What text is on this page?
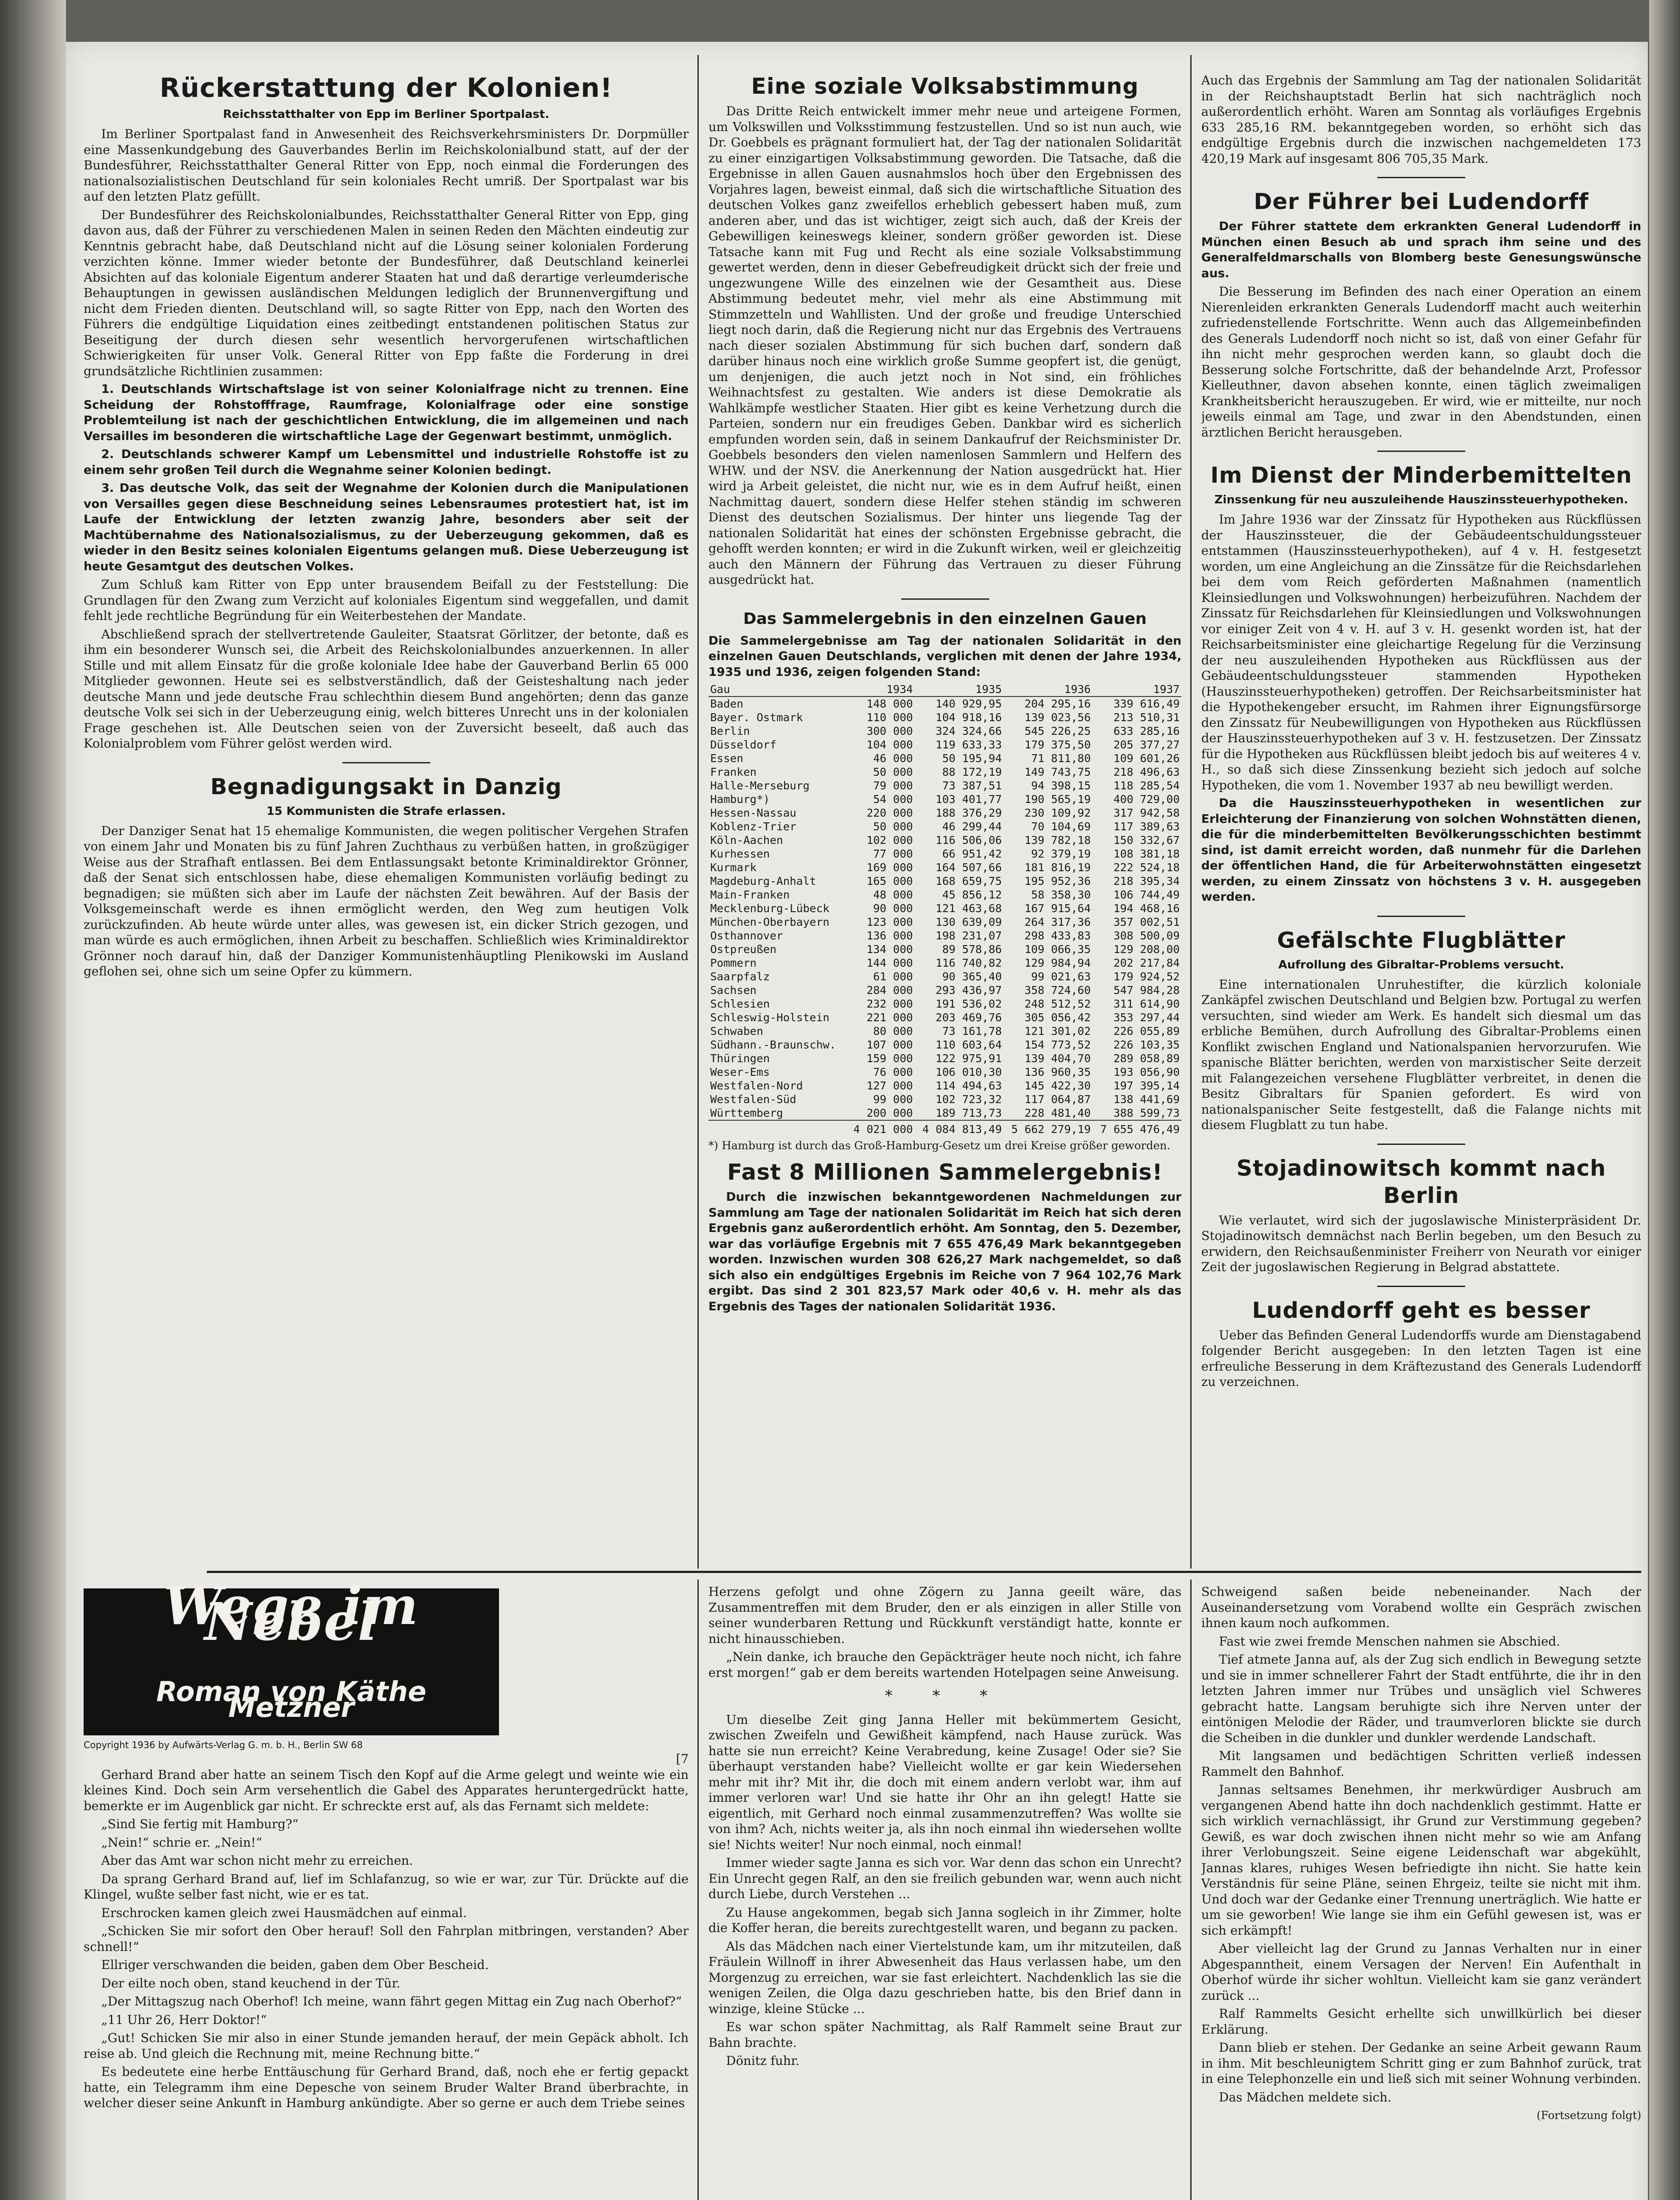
Rückerstattung der Kolonien!
Reichsstatthalter von Epp im Berliner Sportpalast.

Im Berliner Sportpalast fand in Anwesenheit des Reichsverkehrsministers Dr. Dorpmüller eine Massenkundgebung des Gauverbandes Berlin im Reichskolonialbund statt, auf der der Bundesführer, Reichsstatthalter General Ritter von Epp, noch einmal die Forderungen des nationalsozialistischen Deutschland für sein koloniales Recht umriß. Der Sportpalast war bis auf den letzten Platz gefüllt.

Der Bundesführer des Reichskolonialbundes, Reichsstatthalter General Ritter von Epp, ging davon aus, daß der Führer zu verschiedenen Malen in seinen Reden den Mächten eindeutig zur Kenntnis gebracht habe, daß Deutschland nicht auf die Lösung seiner kolonialen Forderung verzichten könne. Immer wieder betonte der Bundesführer, daß Deutschland keinerlei Absichten auf das koloniale Eigentum anderer Staaten hat und daß derartige verleumderische Behauptungen in gewissen ausländischen Meldungen lediglich der Brunnenvergiftung und nicht dem Frieden dienten. Deutschland will, so sagte Ritter von Epp, nach den Worten des Führers die endgültige Liquidation eines zeitbedingt entstandenen politischen Status zur Beseitigung der durch diesen sehr wesentlich hervorgerufenen wirtschaftlichen Schwierigkeiten für unser Volk. General Ritter von Epp faßte die Forderung in drei grundsätzliche Richtlinien zusammen:

1. Deutschlands Wirtschaftslage ist von seiner Kolonialfrage nicht zu trennen. Eine Scheidung der Rohstofffrage, Raumfrage, Kolonialfrage oder eine sonstige Problemteilung ist nach der geschichtlichen Entwicklung, die im allgemeinen und nach Versailles im besonderen die wirtschaftliche Lage der Gegenwart bestimmt, unmöglich.

2. Deutschlands schwerer Kampf um Lebensmittel und industrielle Rohstoffe ist zu einem sehr großen Teil durch die Wegnahme seiner Kolonien bedingt.

3. Das deutsche Volk, das seit der Wegnahme der Kolonien durch die Manipulationen von Versailles gegen diese Beschneidung seines Lebensraumes protestiert hat, ist im Laufe der Entwicklung der letzten zwanzig Jahre, besonders aber seit der Machtübernahme des Nationalsozialismus, zu der Ueberzeugung gekommen, daß es wieder in den Besitz seines kolonialen Eigentums gelangen muß. Diese Ueberzeugung ist heute Gesamtgut des deutschen Volkes.

Zum Schluß kam Ritter von Epp unter brausendem Beifall zu der Feststellung: Die Grundlagen für den Zwang zum Verzicht auf koloniales Eigentum sind weggefallen, und damit fehlt jede rechtliche Begründung für ein Weiterbestehen der Mandate.

Abschließend sprach der stellvertretende Gauleiter, Staatsrat Görlitzer, der betonte, daß es ihm ein besonderer Wunsch sei, die Arbeit des Reichskolonialbundes anzuerkennen. In aller Stille und mit allem Einsatz für die große koloniale Idee habe der Gauverband Berlin 65 000 Mitglieder gewonnen. Heute sei es selbstverständlich, daß der Geisteshaltung nach jeder deutsche Mann und jede deutsche Frau schlechthin diesem Bund angehörten; denn das ganze deutsche Volk sei sich in der Ueberzeugung einig, welch bitteres Unrecht uns in der kolonialen Frage geschehen ist. Alle Deutschen seien von der Zuversicht beseelt, daß auch das Kolonialproblem vom Führer gelöst werden wird.

Begnadigungsakt in Danzig
15 Kommunisten die Strafe erlassen.

Der Danziger Senat hat 15 ehemalige Kommunisten, die wegen politischer Vergehen Strafen von einem Jahr und Monaten bis zu fünf Jahren Zuchthaus zu verbüßen hatten, in großzügiger Weise aus der Strafhaft entlassen. Bei dem Entlassungsakt betonte Kriminaldirektor Grönner, daß der Senat sich entschlossen habe, diese ehemaligen Kommunisten vorläufig bedingt zu begnadigen; sie müßten sich aber im Laufe der nächsten Zeit bewähren. Auf der Basis der Volksgemeinschaft werde es ihnen ermöglicht werden, den Weg zum heutigen Volk zurückzufinden. Ab heute würde unter alles, was gewesen ist, ein dicker Strich gezogen, und man würde es auch ermöglichen, ihnen Arbeit zu beschaffen. Schließlich wies Kriminaldirektor Grönner noch darauf hin, daß der Danziger Kommunistenhäuptling Plenikowski im Ausland geflohen sei, ohne sich um seine Opfer zu kümmern.

Eine soziale Volksabstimmung

Das Dritte Reich entwickelt immer mehr neue und arteigene Formen, um Volkswillen und Volksstimmung festzustellen. Und so ist nun auch, wie Dr. Goebbels es prägnant formuliert hat, der Tag der nationalen Solidarität zu einer einzigartigen Volksabstimmung geworden. Die Tatsache, daß die Ergebnisse in allen Gauen ausnahmslos hoch über den Ergebnissen des Vorjahres lagen, beweist einmal, daß sich die wirtschaftliche Situation des deutschen Volkes ganz zweifellos erheblich gebessert haben muß, zum anderen aber, und das ist wichtiger, zeigt sich auch, daß der Kreis der Gebewilligen keineswegs kleiner, sondern größer geworden ist. Diese Tatsache kann mit Fug und Recht als eine soziale Volksabstimmung gewertet werden, denn in dieser Gebefreudigkeit drückt sich der freie und ungezwungene Wille des einzelnen wie der Gesamtheit aus. Diese Abstimmung bedeutet mehr, viel mehr als eine Abstimmung mit Stimmzetteln und Wahllisten. Und der große und freudige Unterschied liegt noch darin, daß die Regierung nicht nur das Ergebnis des Vertrauens nach dieser sozialen Abstimmung für sich buchen darf, sondern daß darüber hinaus noch eine wirklich große Summe geopfert ist, die genügt, um denjenigen, die auch jetzt noch in Not sind, ein fröhliches Weihnachtsfest zu gestalten. Wie anders ist diese Demokratie als Wahlkämpfe westlicher Staaten. Hier gibt es keine Verhetzung durch die Parteien, sondern nur ein freudiges Geben. Dankbar wird es sicherlich empfunden worden sein, daß in seinem Dankaufruf der Reichsminister Dr. Goebbels besonders den vielen namenlosen Sammlern und Helfern des WHW. und der NSV. die Anerkennung der Nation ausgedrückt hat. Hier wird ja Arbeit geleistet, die nicht nur, wie es in dem Aufruf heißt, einen Nachmittag dauert, sondern diese Helfer stehen ständig im schweren Dienst des deutschen Sozialismus. Der hinter uns liegende Tag der nationalen Solidarität hat eines der schönsten Ergebnisse gebracht, die gehofft werden konnten; er wird in die Zukunft wirken, weil er gleichzeitig auch den Männern der Führung das Vertrauen zu dieser Führung ausgedrückt hat.

Das Sammelergebnis in den einzelnen Gauen

Die Sammelergebnisse am Tag der nationalen Solidarität in den einzelnen Gauen Deutschlands, verglichen mit denen der Jahre 1934, 1935 und 1936, zeigen folgenden Stand:

Gau	1934	1935	1936	1937
Baden	148 000	140 929,95	204 295,16	339 616,49
Bayer. Ostmark	110 000	104 918,16	139 023,56	213 510,31
Berlin	300 000	324 324,66	545 226,25	633 285,16
Düsseldorf	104 000	119 633,33	179 375,50	205 377,27
Essen	46 000	50 195,94	71 811,80	109 601,26
Franken	50 000	88 172,19	149 743,75	218 496,63
Halle-Merseburg	79 000	73 387,51	94 398,15	118 285,54
Hamburg*)	54 000	103 401,77	190 565,19	400 729,00
Hessen-Nassau	220 000	188 376,29	230 109,92	317 942,58
Koblenz-Trier	50 000	46 299,44	70 104,69	117 389,63
Köln-Aachen	102 000	116 506,06	139 782,18	150 332,67
Kurhessen	77 000	66 951,42	92 379,19	108 381,18
Kurmark	169 000	164 507,66	181 816,19	222 524,18
Magdeburg-Anhalt	165 000	168 659,75	195 952,36	218 395,34
Main-Franken	48 000	45 856,12	58 358,30	106 744,49
Mecklenburg-Lübeck	90 000	121 463,68	167 915,64	194 468,16
München-Oberbayern	123 000	130 639,09	264 317,36	357 002,51
Osthannover	136 000	198 231,07	298 433,83	308 500,09
Ostpreußen	134 000	89 578,86	109 066,35	129 208,00
Pommern	144 000	116 740,82	129 984,94	202 217,84
Saarpfalz	61 000	90 365,40	99 021,63	179 924,52
Sachsen	284 000	293 436,97	358 724,60	547 984,28
Schlesien	232 000	191 536,02	248 512,52	311 614,90
Schleswig-Holstein	221 000	203 469,76	305 056,42	353 297,44
Schwaben	80 000	73 161,78	121 301,02	226 055,89
Südhann.-Braunschw.	107 000	110 603,64	154 773,52	226 103,35
Thüringen	159 000	122 975,91	139 404,70	289 058,89
Weser-Ems	76 000	106 010,30	136 960,35	193 056,90
Westfalen-Nord	127 000	114 494,63	145 422,30	197 395,14
Westfalen-Süd	99 000	102 723,32	117 064,87	138 441,69
Württemberg	200 000	189 713,73	228 481,40	388 599,73
	4 021 000	4 084 813,49	5 662 279,19	7 655 476,49
*) Hamburg ist durch das Groß-Hamburg-Gesetz um drei Kreise größer geworden.
Fast 8 Millionen Sammelergebnis!

Durch die inzwischen bekanntgewordenen Nachmeldungen zur Sammlung am Tage der nationalen Solidarität im Reich hat sich deren Ergebnis ganz außerordentlich erhöht. Am Sonntag, den 5. Dezember, war das vorläufige Ergebnis mit 7 655 476,49 Mark bekanntgegeben worden. Inzwischen wurden 308 626,27 Mark nachgemeldet, so daß sich also ein endgültiges Ergebnis im Reiche von 7 964 102,76 Mark ergibt. Das sind 2 301 823,57 Mark oder 40,6 v. H. mehr als das Ergebnis des Tages der nationalen Solidarität 1936.

Auch das Ergebnis der Sammlung am Tag der nationalen Solidarität in der Reichshauptstadt Berlin hat sich nachträglich noch außerordentlich erhöht. Waren am Sonntag als vorläufiges Ergebnis 633 285,16 RM. bekanntgegeben worden, so erhöht sich das endgültige Ergebnis durch die inzwischen nachgemeldeten 173 420,19 Mark auf insgesamt 806 705,35 Mark.

Der Führer bei Ludendorff

Der Führer stattete dem erkrankten General Ludendorff in München einen Besuch ab und sprach ihm seine und des Generalfeldmarschalls von Blomberg beste Genesungswünsche aus.

Die Besserung im Befinden des nach einer Operation an einem Nierenleiden erkrankten Generals Ludendorff macht auch weiterhin zufriedenstellende Fortschritte. Wenn auch das Allgemeinbefinden des Generals Ludendorff noch nicht so ist, daß von einer Gefahr für ihn nicht mehr gesprochen werden kann, so glaubt doch die Besserung solche Fortschritte, daß der behandelnde Arzt, Professor Kielleuthner, davon absehen konnte, einen täglich zweimaligen Krankheitsbericht herauszugeben. Er wird, wie er mitteilte, nur noch jeweils einmal am Tage, und zwar in den Abendstunden, einen ärztlichen Bericht herausgeben.

Im Dienst der Minderbemittelten
Zinssenkung für neu auszuleihende Hauszinssteuerhypotheken.

Im Jahre 1936 war der Zinssatz für Hypotheken aus Rückflüssen der Hauszinssteuer, die der Gebäudeentschuldungssteuer entstammen (Hauszinssteuerhypotheken), auf 4 v. H. festgesetzt worden, um eine Angleichung an die Zinssätze für die Reichsdarlehen bei dem vom Reich geförderten Maßnahmen (namentlich Kleinsiedlungen und Volkswohnungen) herbeizuführen. Nachdem der Zinssatz für Reichsdarlehen für Kleinsiedlungen und Volkswohnungen vor einiger Zeit von 4 v. H. auf 3 v. H. gesenkt worden ist, hat der Reichsarbeitsminister eine gleichartige Regelung für die Verzinsung der neu auszuleihenden Hypotheken aus Rückflüssen aus der Gebäudeentschuldungssteuer stammenden Hypotheken (Hauszinssteuerhypotheken) getroffen. Der Reichsarbeitsminister hat die Hypothekengeber ersucht, im Rahmen ihrer Eignungsfürsorge den Zinssatz für Neubewilligungen von Hypotheken aus Rückflüssen der Hauszinssteuerhypotheken auf 3 v. H. festzusetzen. Der Zinssatz für die Hypotheken aus Rückflüssen bleibt jedoch bis auf weiteres 4 v. H., so daß sich diese Zinssenkung bezieht sich jedoch auf solche Hypotheken, die vom 1. November 1937 ab neu bewilligt werden.

Da die Hauszinssteuerhypotheken in wesentlichen zur Erleichterung der Finanzierung von solchen Wohnstätten dienen, die für die minderbemittelten Bevölkerungsschichten bestimmt sind, ist damit erreicht worden, daß nunmehr für die Darlehen der öffentlichen Hand, die für Arbeiterwohnstätten eingesetzt werden, zu einem Zinssatz von höchstens 3 v. H. ausgegeben werden.

Gefälschte Flugblätter
Aufrollung des Gibraltar-Problems versucht.

Eine internationalen Unruhestifter, die kürzlich koloniale Zankäpfel zwischen Deutschland und Belgien bzw. Portugal zu werfen versuchten, sind wieder am Werk. Es handelt sich diesmal um das erbliche Bemühen, durch Aufrollung des Gibraltar-Problems einen Konflikt zwischen England und Nationalspanien hervorzurufen. Wie spanische Blätter berichten, werden von marxistischer Seite derzeit mit Falangezeichen versehene Flugblätter verbreitet, in denen die Besitz Gibraltars für Spanien gefordert. Es wird von nationalspanischer Seite festgestellt, daß die Falange nichts mit diesem Flugblatt zu tun habe.

Stojadinowitsch kommt nach Berlin

Wie verlautet, wird sich der jugoslawische Ministerpräsident Dr. Stojadinowitsch demnächst nach Berlin begeben, um den Besuch zu erwidern, den Reichsaußenminister Freiherr von Neurath vor einiger Zeit der jugoslawischen Regierung in Belgrad abstattete.

Ludendorff geht es besser

Ueber das Befinden General Ludendorffs wurde am Dienstagabend folgender Bericht ausgegeben: In den letzten Tagen ist eine erfreuliche Besserung in dem Kräftezustand des Generals Ludendorff zu verzeichnen.

Wege im Nebel
Roman von Käthe Metzner
Copyright 1936 by Aufwärts-Verlag G. m. b. H., Berlin SW 68
[7

Gerhard Brand aber hatte an seinem Tisch den Kopf auf die Arme gelegt und weinte wie ein kleines Kind. Doch sein Arm versehentlich die Gabel des Apparates heruntergedrückt hatte, bemerkte er im Augenblick gar nicht. Er schreckte erst auf, als das Fernamt sich meldete:

„Sind Sie fertig mit Hamburg?“

„Nein!“ schrie er. „Nein!“

Aber das Amt war schon nicht mehr zu erreichen.

Da sprang Gerhard Brand auf, lief im Schlafanzug, so wie er war, zur Tür. Drückte auf die Klingel, wußte selber fast nicht, wie er es tat.

Erschrocken kamen gleich zwei Hausmädchen auf einmal.

„Schicken Sie mir sofort den Ober herauf! Soll den Fahrplan mitbringen, verstanden? Aber schnell!“

Ellriger verschwanden die beiden, gaben dem Ober Bescheid.

Der eilte noch oben, stand keuchend in der Tür.

„Der Mittagszug nach Oberhof! Ich meine, wann fährt gegen Mittag ein Zug nach Oberhof?“

„11 Uhr 26, Herr Doktor!“

„Gut! Schicken Sie mir also in einer Stunde jemanden herauf, der mein Gepäck abholt. Ich reise ab. Und gleich die Rechnung mit, meine Rechnung bitte.“

Es bedeutete eine herbe Enttäuschung für Gerhard Brand, daß, noch ehe er fertig gepackt hatte, ein Telegramm ihm eine Depesche von seinem Bruder Walter Brand überbrachte, in welcher dieser seine Ankunft in Hamburg ankündigte. Aber so gerne er auch dem Triebe seines

Herzens gefolgt und ohne Zögern zu Janna geeilt wäre, das Zusammentreffen mit dem Bruder, den er als einzigen in aller Stille von seiner wunderbaren Rettung und Rückkunft verständigt hatte, konnte er nicht hinausschieben.

„Nein danke, ich brauche den Gepäckträger heute noch nicht, ich fahre erst morgen!“ gab er dem bereits wartenden Hotelpagen seine Anweisung.

* * *

Um dieselbe Zeit ging Janna Heller mit bekümmertem Gesicht, zwischen Zweifeln und Gewißheit kämpfend, nach Hause zurück. Was hatte sie nun erreicht? Keine Verabredung, keine Zusage! Oder sie? Sie überhaupt verstanden habe? Vielleicht wollte er gar kein Wiedersehen mehr mit ihr? Mit ihr, die doch mit einem andern verlobt war, ihm auf immer verloren war! Und sie hatte ihr Ohr an ihn gelegt! Hatte sie eigentlich, mit Gerhard noch einmal zusammenzutreffen? Was wollte sie von ihm? Ach, nichts weiter ja, als ihn noch einmal ihn wiedersehen wollte sie! Nichts weiter! Nur noch einmal, noch einmal!

Immer wieder sagte Janna es sich vor. War denn das schon ein Unrecht? Ein Unrecht gegen Ralf, an den sie freilich gebunden war, wenn auch nicht durch Liebe, durch Verstehen ...

Zu Hause angekommen, begab sich Janna sogleich in ihr Zimmer, holte die Koffer heran, die bereits zurechtgestellt waren, und begann zu packen.

Als das Mädchen nach einer Viertelstunde kam, um ihr mitzuteilen, daß Fräulein Willnoff in ihrer Abwesenheit das Haus verlassen habe, um den Morgenzug zu erreichen, war sie fast erleichtert. Nachdenklich las sie die wenigen Zeilen, die Olga dazu geschrieben hatte, bis den Brief dann in winzige, kleine Stücke ...

Es war schon später Nachmittag, als Ralf Rammelt seine Braut zur Bahn brachte.

Dönitz fuhr.

Schweigend saßen beide nebeneinander. Nach der Auseinandersetzung vom Vorabend wollte ein Gespräch zwischen ihnen kaum noch aufkommen.

Fast wie zwei fremde Menschen nahmen sie Abschied.

Tief atmete Janna auf, als der Zug sich endlich in Bewegung setzte und sie in immer schnellerer Fahrt der Stadt entführte, die ihr in den letzten Jahren immer nur Trübes und unsäglich viel Schweres gebracht hatte. Langsam beruhigte sich ihre Nerven unter der eintönigen Melodie der Räder, und traumverloren blickte sie durch die Scheiben in die dunkler und dunkler werdende Landschaft.

Mit langsamen und bedächtigen Schritten verließ indessen Rammelt den Bahnhof.

Jannas seltsames Benehmen, ihr merkwürdiger Ausbruch am vergangenen Abend hatte ihn doch nachdenklich gestimmt. Hatte er sich wirklich vernachlässigt, ihr Grund zur Verstimmung gegeben? Gewiß, es war doch zwischen ihnen nicht mehr so wie am Anfang ihrer Verlobungszeit. Seine eigene Leidenschaft war abgekühlt, Jannas klares, ruhiges Wesen befriedigte ihn nicht. Sie hatte kein Verständnis für seine Pläne, seinen Ehrgeiz, teilte sie nicht mit ihm. Und doch war der Gedanke einer Trennung unerträglich. Wie hatte er um sie geworben! Wie lange sie ihm ein Gefühl gewesen ist, was er sich erkämpft!

Aber vielleicht lag der Grund zu Jannas Verhalten nur in einer Abgespanntheit, einem Versagen der Nerven! Ein Aufenthalt in Oberhof würde ihr sicher wohltun. Vielleicht kam sie ganz verändert zurück ...

Ralf Rammelts Gesicht erhellte sich unwillkürlich bei dieser Erklärung.

Dann blieb er stehen. Der Gedanke an seine Arbeit gewann Raum in ihm. Mit beschleunigtem Schritt ging er zum Bahnhof zurück, trat in eine Telephonzelle ein und ließ sich mit seiner Wohnung verbinden.

Das Mädchen meldete sich.

(Fortsetzung folgt)
